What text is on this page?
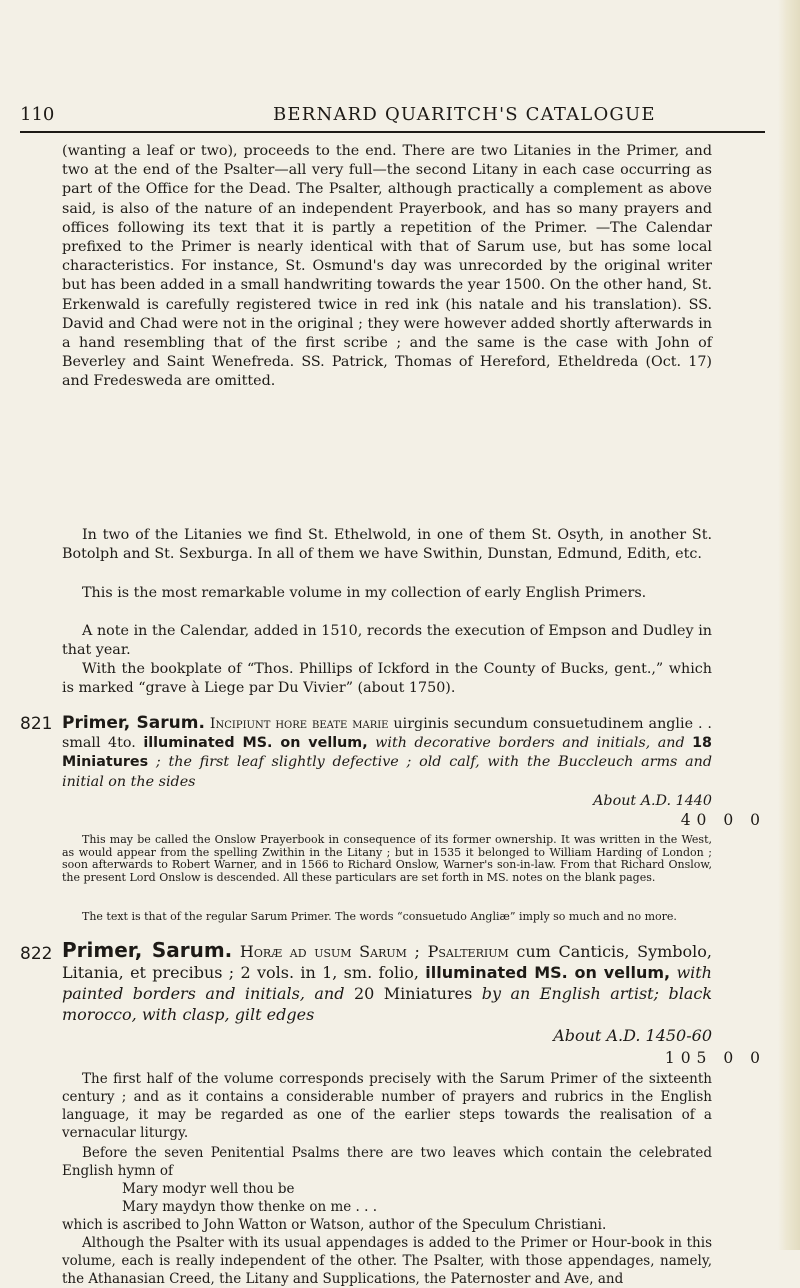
110	BERNARD QUARITCH'S CATALOGUE
(wanting a leaf or two), proceeds to the end. There are two Litanies in the Primer, and two at the end of the Psalter—all very full—the second Litany in each case occurring as part of the Office for the Dead. The Psalter, although practically a complement as above said, is also of the nature of an independent Prayerbook, and has so many prayers and offices following its text that it is partly a repetition of the Primer. —The Calendar prefixed to the Primer is nearly identical with that of Sarum use, but has some local characteristics. For instance, St. Osmund's day was unrecorded by the original writer but has been added in a small handwriting towards the year 1500. On the other hand, St. Erkenwald is carefully registered twice in red ink (his natale and his translation). SS. David and Chad were not in the original ; they were however added shortly afterwards in a hand resembling that of the first scribe ; and the same is the case with John of Beverley and Saint Wenefreda. SS. Patrick, Thomas of Hereford, Etheldreda (Oct. 17) and Fredesweda are omitted.
In two of the Litanies we find St. Ethelwold, in one of them St. Osyth, in another St. Botolph and St. Sexburga. In all of them we have Swithin, Dunstan, Edmund, Edith, etc.
This is the most remarkable volume in my collection of early English Primers.
A note in the Calendar, added in 1510, records the execution of Empson and Dudley in that year.
With the bookplate of “Thos. Phillips of Ickford in the County of Bucks, gent.,” which is marked “grave à Liege par Du Vivier” (about 1750).
821 Primer, Sarum. Incipiunt hore beate marie uirginis secundum consuetudinem anglie . . small 4to. illuminated MS. on vellum, with decorative borders and initials, and 18 Miniatures ; the first leaf slightly defective ; old calf, with the Buccleuch arms and initial on the sides
About A.D. 1440
40 0 0
This may be called the Onslow Prayerbook in consequence of its former ownership. It was written in the West, as would appear from the spelling Zwithin in the Litany ; but in 1535 it belonged to William Harding of London ; soon afterwards to Robert Warner, and in 1566 to Richard Onslow, Warner's son-in-law. From that Richard Onslow, the present Lord Onslow is descended. All these particulars are set forth in MS. notes on the blank pages.
The text is that of the regular Sarum Primer. The words “consuetudo Angliæ” imply so much and no more.
822 Primer, Sarum. Horæ ad usum Sarum ; Psalterium cum Canticis, Symbolo, Litania, et precibus ; 2 vols. in 1, sm. folio, illuminated MS. on vellum, with painted borders and initials, and 20 Miniatures by an English artist; black morocco, with clasp, gilt edges
About A.D. 1450-60
105 0 0
The first half of the volume corresponds precisely with the Sarum Primer of the sixteenth century ; and as it contains a considerable number of prayers and rubrics in the English language, it may be regarded as one of the earlier steps towards the realisation of a vernacular liturgy.
Before the seven Penitential Psalms there are two leaves which contain the celebrated English hymn of
Mary modyr well thou be
Mary maydyn thow thenke on me . . .
which is ascribed to John Watton or Watson, author of the Speculum Christiani.
Although the Psalter with its usual appendages is added to the Primer or Hour-book in this volume, each is really independent of the other. The Psalter, with those appendages, namely, the Athanasian Creed, the Litany and Supplications, the Paternoster and Ave, and
